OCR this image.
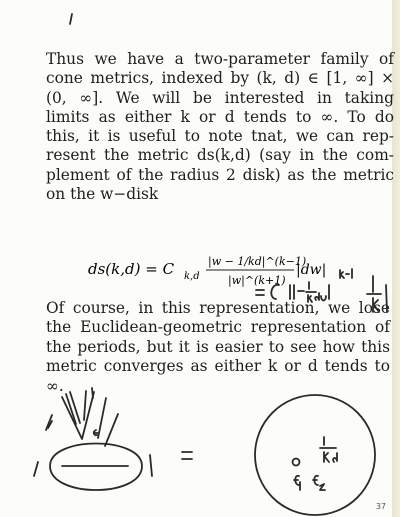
Thus we have a two-parameter family of
cone metrics, indexed by (k, d) ∈ [1, ∞] ×
(0, ∞]. We will be interested in taking
limits as either k or d tends to ∞. To do
this, it is useful to note tnat, we can rep-
resent the metric ds(k,d) (say in the com-
plement of the radius 2 disk) as the metric
on the w−disk
ds(k,d) = C k,d
|w − 1/kd|^(k−1)
|w|^(k+1)
|dw|
Of course, in this representation, we lose
the Euclidean-geometric representation of
the periods, but it is easier to see how this
metric converges as either k or d tends to
∞.
37
